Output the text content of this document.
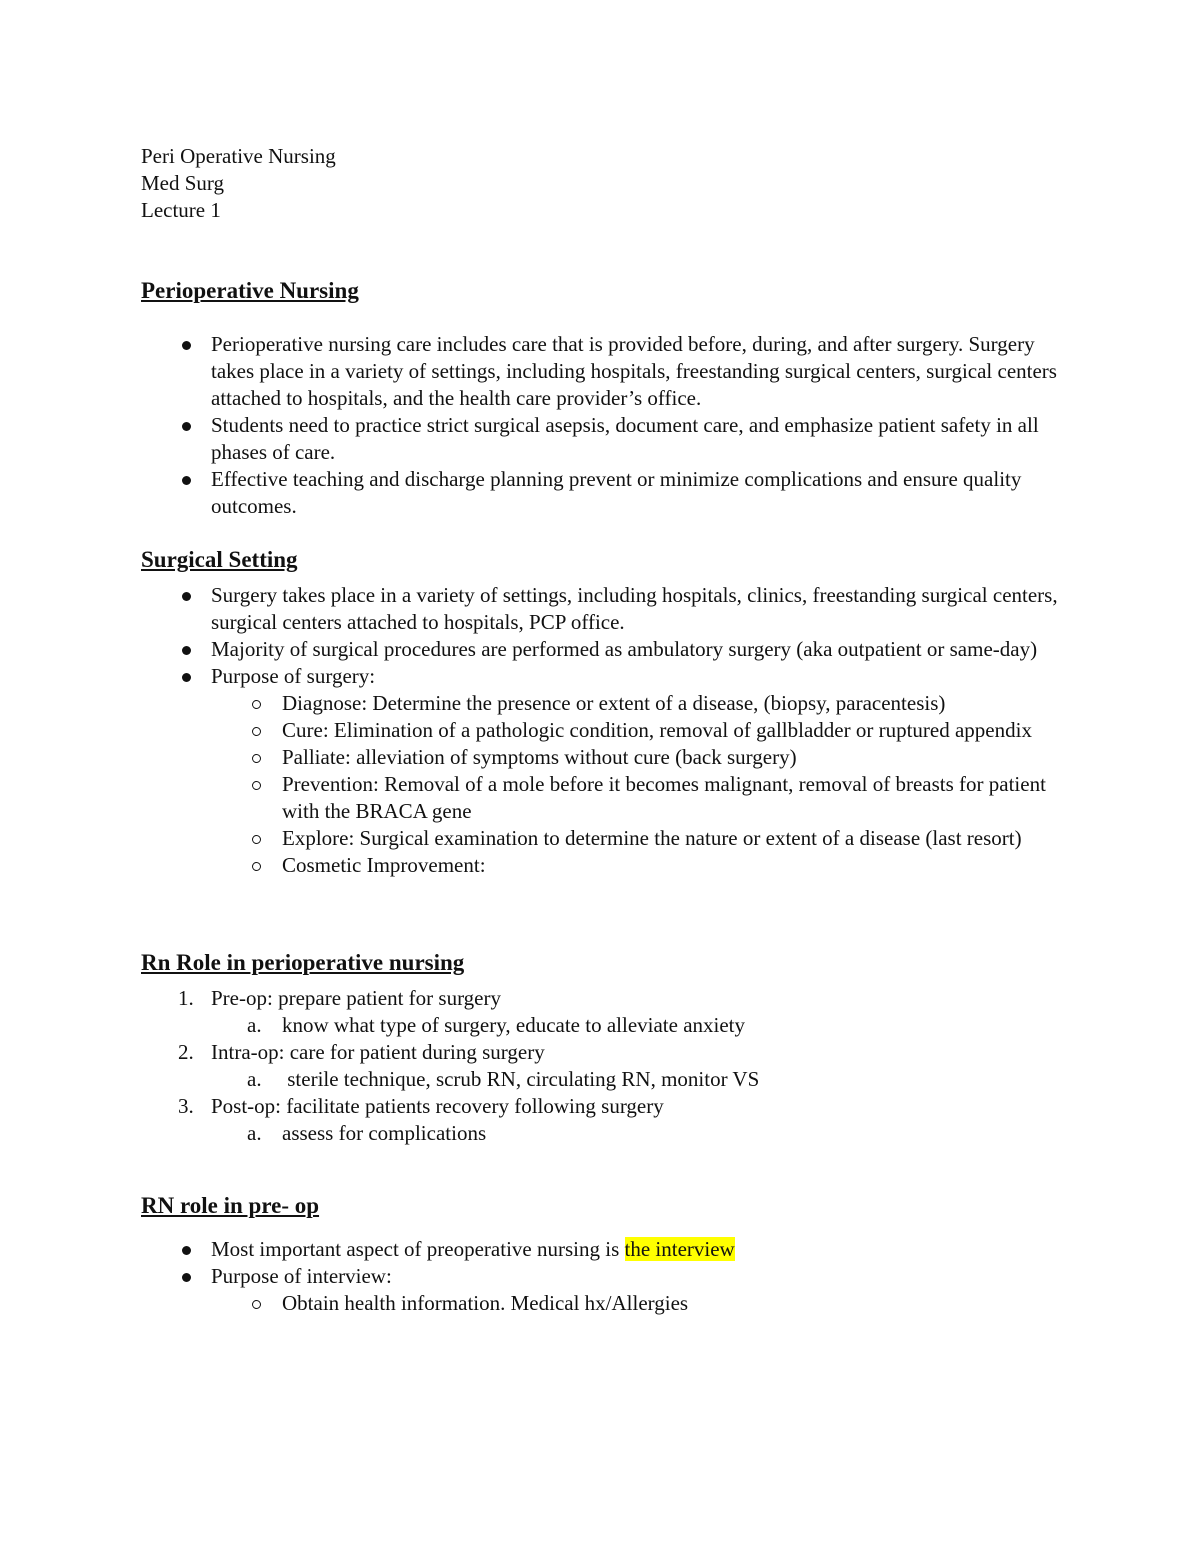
Peri Operative Nursing
Med Surg
Lecture 1
Perioperative Nursing
Perioperative nursing care includes care that is provided before, during, and after surgery. Surgery takes place in a variety of settings, including hospitals, freestanding surgical centers, surgical centers attached to hospitals, and the health care provider’s office.
Students need to practice strict surgical asepsis, document care, and emphasize patient safety in all phases of care.
Effective teaching and discharge planning prevent or minimize complications and ensure quality outcomes.
Surgical Setting
Surgery takes place in a variety of settings, including hospitals, clinics, freestanding surgical centers, surgical centers attached to hospitals, PCP office.
Majority of surgical procedures are performed as ambulatory surgery (aka outpatient or same-day)
Purpose of surgery:
Diagnose: Determine the presence or extent of a disease, (biopsy, paracentesis)
Cure: Elimination of a pathologic condition, removal of gallbladder or ruptured appendix
Palliate: alleviation of symptoms without cure (back surgery)
Prevention: Removal of a mole before it becomes malignant, removal of breasts for patient with the BRACA gene
Explore: Surgical examination to determine the nature or extent of a disease (last resort)
Cosmetic Improvement:
Rn Role in perioperative nursing
1. Pre-op: prepare patient for surgery
a. know what type of surgery, educate to alleviate anxiety
2. Intra-op: care for patient during surgery
a. sterile technique, scrub RN, circulating RN, monitor VS
3. Post-op: facilitate patients recovery following surgery
a. assess for complications
RN role in pre- op
Most important aspect of preoperative nursing is the interview
Purpose of interview:
Obtain health information. Medical hx/Allergies
